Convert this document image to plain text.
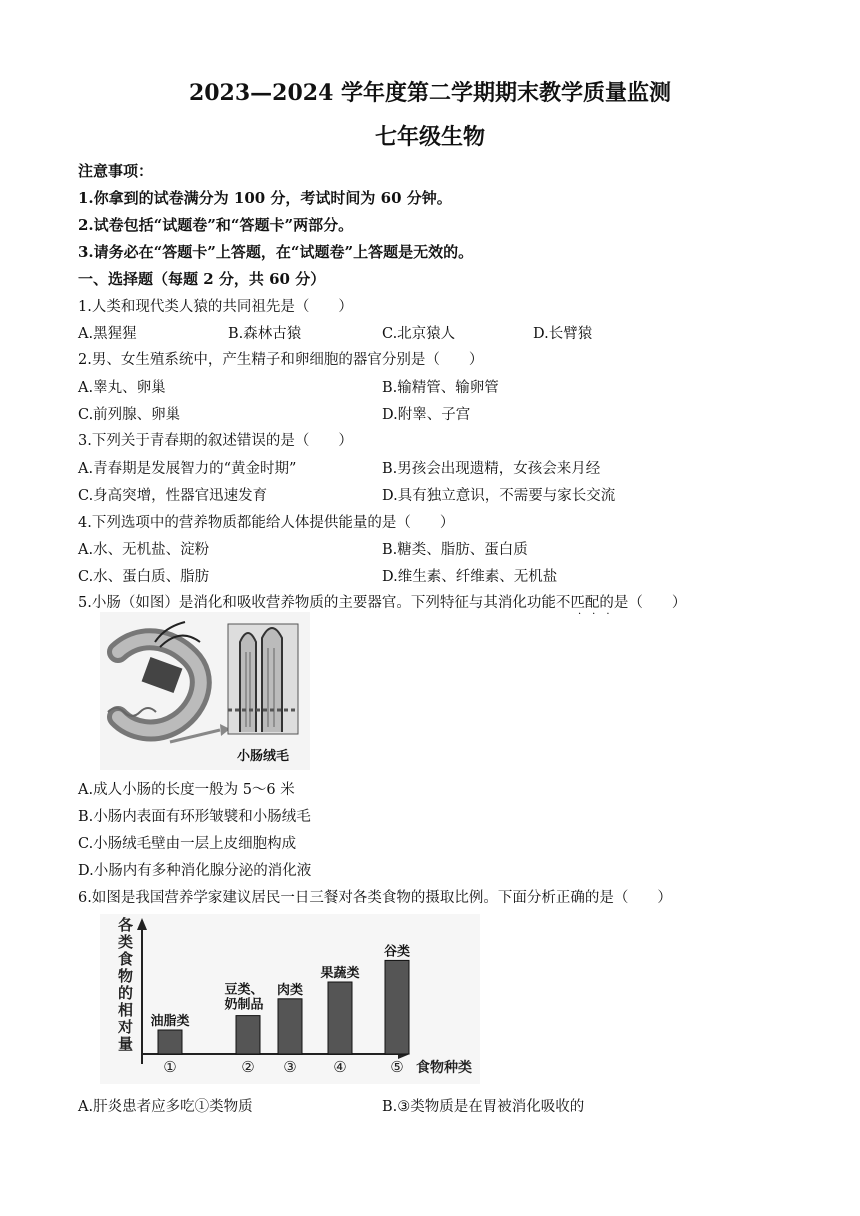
2023—2024 学年度第二学期期末教学质量监测
七年级生物
注意事项：
1.你拿到的试卷满分为 100 分，考试时间为 60 分钟。
2.试卷包括“试题卷”和“答题卡”两部分。
3.请务必在“答题卡”上答题，在“试题卷”上答题是无效的。
一、选择题（每题 2 分，共 60 分）
1.人类和现代类人猿的共同祖先是（　　）
A.黑猩猩	B.森林古猿	C.北京猿人	D.长臂猿
2.男、女生殖系统中，产生精子和卵细胞的器官分别是（　　）
A.睾丸、卵巢	B.输精管、输卵管
C.前列腺、卵巢	D.附睾、子宫
3.下列关于青春期的叙述错误的是（　　）
A.青春期是发展智力的“黄金时期”	B.男孩会出现遗精，女孩会来月经
C.身高突增，性器官迅速发育	D.具有独立意识，不需要与家长交流
4.下列选项中的营养物质都能给人体提供能量的是（　　）
A.水、无机盐、淀粉	B.糖类、脂肪、蛋白质
C.水、蛋白质、脂肪	D.维生素、纤维素、无机盐
5.小肠（如图）是消化和吸收营养物质的主要器官。下列特征与其消化功能不匹配的是（　　）
···
小肠绒毛
A.成人小肠的长度一般为 5～6 米
B.小肠内表面有环形皱襞和小肠绒毛
C.小肠绒毛壁由一层上皮细胞构成
D.小肠内有多种消化腺分泌的消化液
6.如图是我国营养学家建议居民一日三餐对各类食物的摄取比例。下面分析正确的是（　　）
各类食物的相对量
食物种类
①
油脂类
②
豆类、奶制品
③
肉类
④
果蔬类
⑤
谷类
A.肝炎患者应多吃①类物质	B.③类物质是在胃被消化吸收的
